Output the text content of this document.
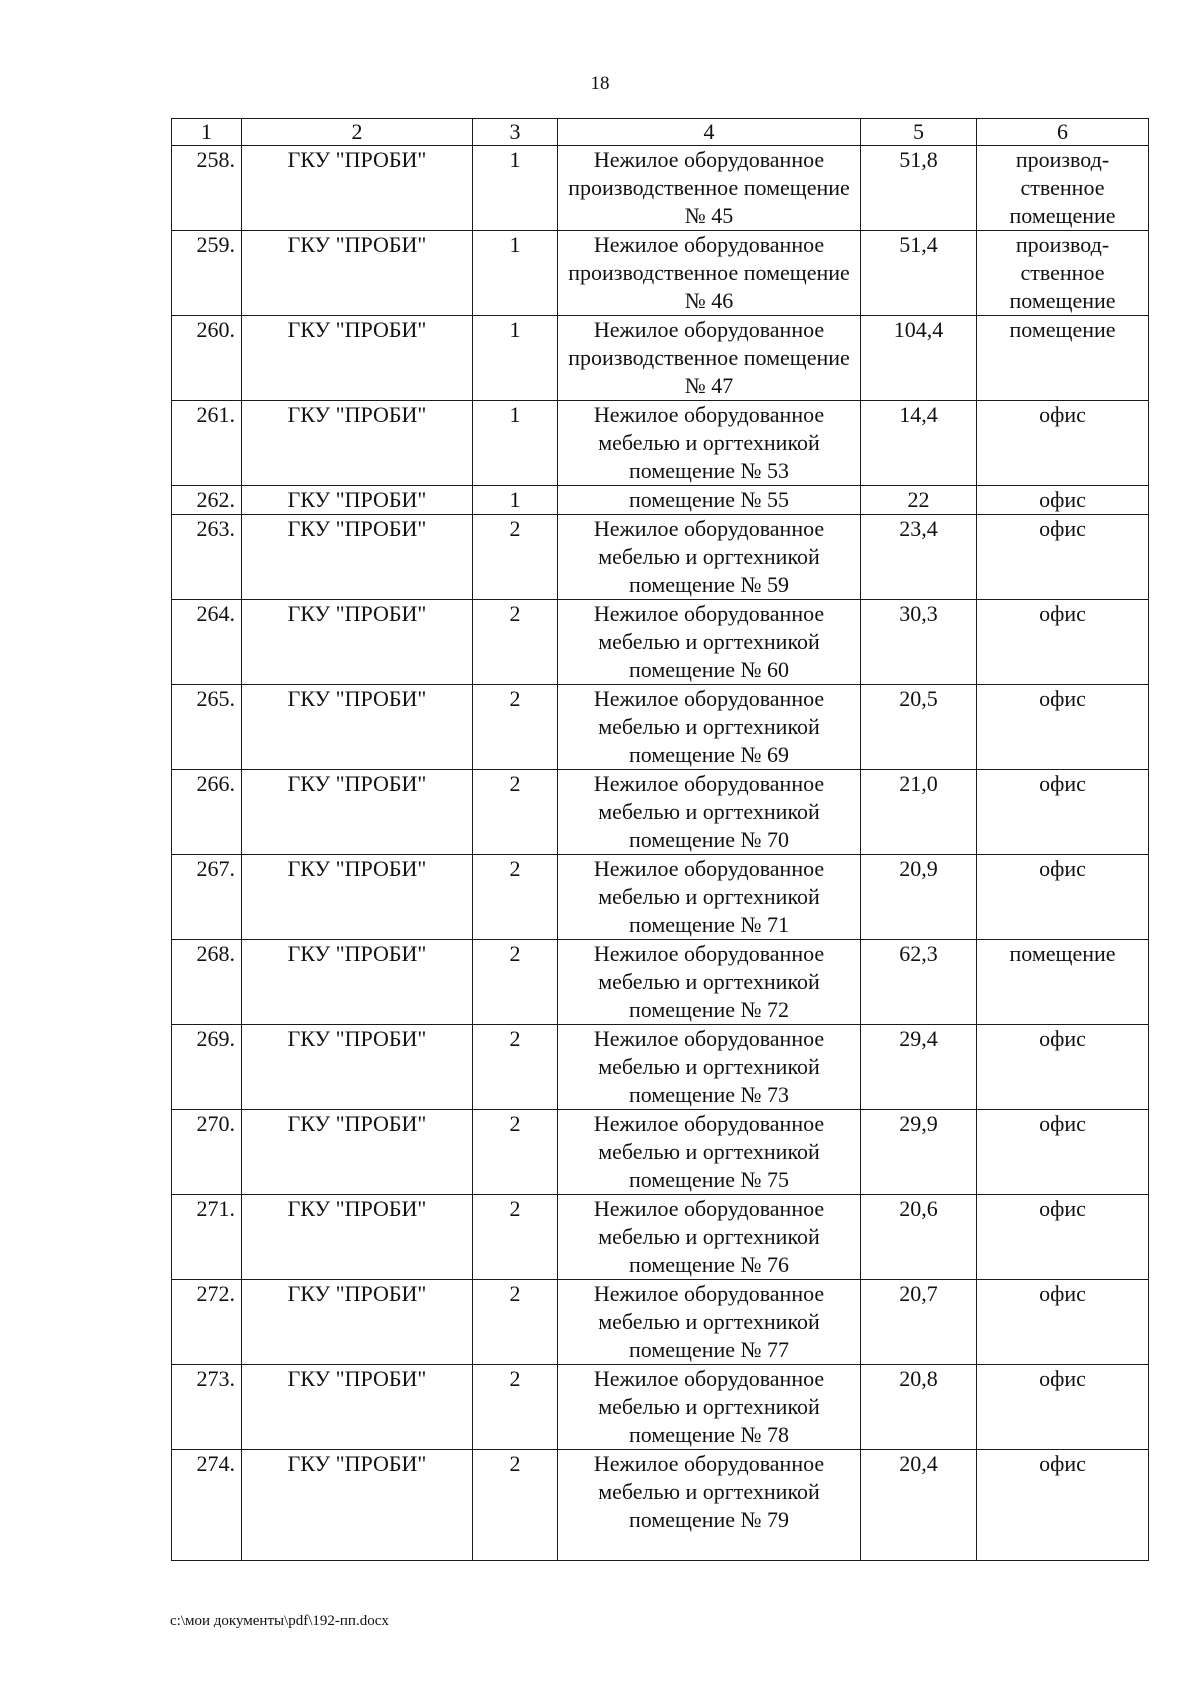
18
1	2	3	4	5	6
258.	ГКУ "ПРОБИ"	1	Нежилое оборудованное производственное помещение № 45	51,8	производ-ственное помещение
259.	ГКУ "ПРОБИ"	1	Нежилое оборудованное производственное помещение № 46	51,4	производ-ственное помещение
260.	ГКУ "ПРОБИ"	1	Нежилое оборудованное производственное помещение № 47	104,4	помещение
261.	ГКУ "ПРОБИ"	1	Нежилое оборудованное мебелью и оргтехникой помещение № 53	14,4	офис
262.	ГКУ "ПРОБИ"	1	помещение № 55	22	офис
263.	ГКУ "ПРОБИ"	2	Нежилое оборудованное мебелью и оргтехникой помещение № 59	23,4	офис
264.	ГКУ "ПРОБИ"	2	Нежилое оборудованное мебелью и оргтехникой помещение № 60	30,3	офис
265.	ГКУ "ПРОБИ"	2	Нежилое оборудованное мебелью и оргтехникой помещение № 69	20,5	офис
266.	ГКУ "ПРОБИ"	2	Нежилое оборудованное мебелью и оргтехникой помещение № 70	21,0	офис
267.	ГКУ "ПРОБИ"	2	Нежилое оборудованное мебелью и оргтехникой помещение № 71	20,9	офис
268.	ГКУ "ПРОБИ"	2	Нежилое оборудованное мебелью и оргтехникой помещение № 72	62,3	помещение
269.	ГКУ "ПРОБИ"	2	Нежилое оборудованное мебелью и оргтехникой помещение № 73	29,4	офис
270.	ГКУ "ПРОБИ"	2	Нежилое оборудованное мебелью и оргтехникой помещение № 75	29,9	офис
271.	ГКУ "ПРОБИ"	2	Нежилое оборудованное мебелью и оргтехникой помещение № 76	20,6	офис
272.	ГКУ "ПРОБИ"	2	Нежилое оборудованное мебелью и оргтехникой помещение № 77	20,7	офис
273.	ГКУ "ПРОБИ"	2	Нежилое оборудованное мебелью и оргтехникой помещение № 78	20,8	офис
274.	ГКУ "ПРОБИ"	2	Нежилое оборудованное мебелью и оргтехникой помещение № 79	20,4	офис
c:\мои документы\pdf\192-пп.docx
